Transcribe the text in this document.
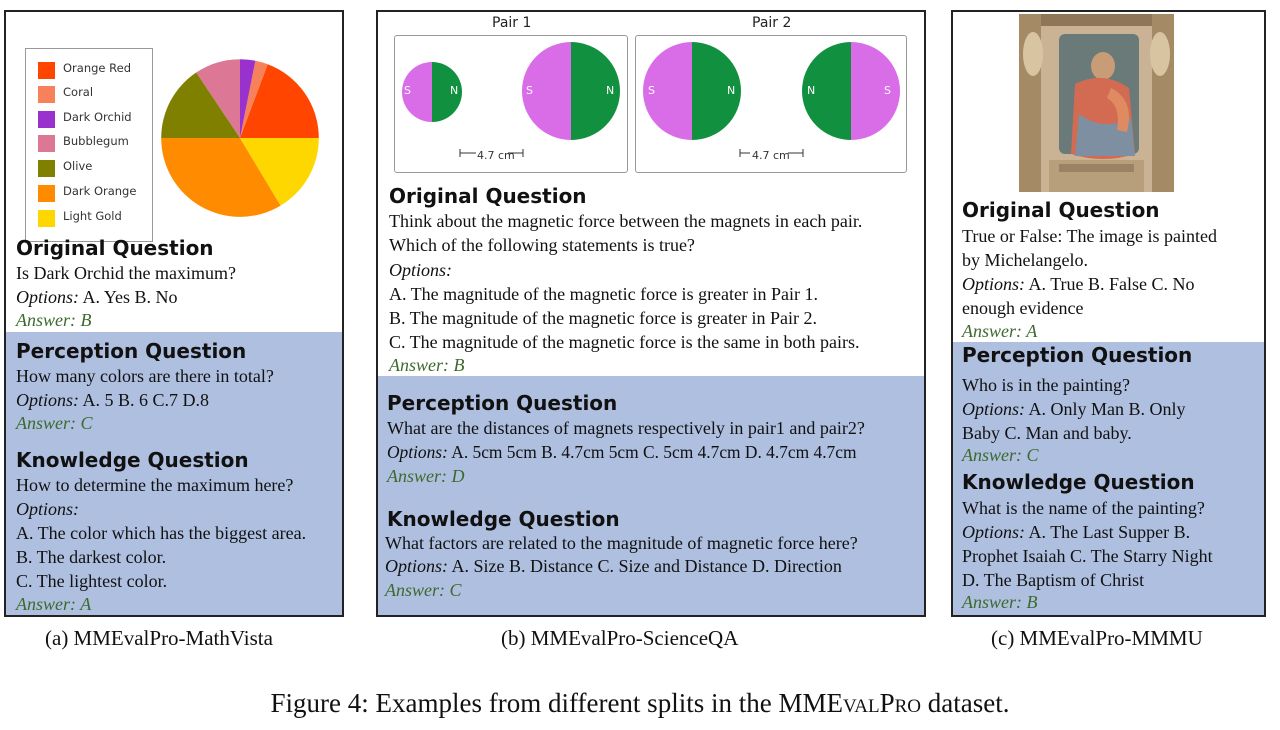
Orange Red
Coral
Dark Orchid
Bubblegum
Olive
Dark Orange
Light Gold
Original Question
Is Dark Orchid the maximum?
Options: A. Yes B. No
Answer: B
Perception Question
How many colors are there in total?
Options: A. 5 B. 6 C.7 D.8
Answer: C
Knowledge Question
How to determine the maximum here?
Options:
A. The color which has the biggest area.
B. The darkest color.
C. The lightest color.
Answer: A
(a) MMEvalPro-MathVista
Pair 1	Pair 2
S	N	S	N	S	N	N	S
4.7 cm	4.7 cm
Original Question
Think about the magnetic force between the magnets in each pair.
Which of the following statements is true?
Options:
A. The magnitude of the magnetic force is greater in Pair 1.
B. The magnitude of the magnetic force is greater in Pair 2.
C. The magnitude of the magnetic force is the same in both pairs.
Answer: B
Perception Question
What are the distances of magnets respectively in pair1 and pair2?
Options: A. 5cm 5cm B. 4.7cm 5cm C. 5cm 4.7cm D. 4.7cm 4.7cm
Answer: D
Knowledge Question
What factors are related to the magnitude of magnetic force here?
Options: A. Size B. Distance C. Size and Distance D. Direction
Answer: C
(b) MMEvalPro-ScienceQA
Original Question
True or False: The image is painted
by Michelangelo.
Options: A. True B. False C. No
enough evidence
Answer: A
Perception Question
Who is in the painting?
Options: A. Only Man B. Only
Baby C. Man and baby.
Answer: C
Knowledge Question
What is the name of the painting?
Options: A. The Last Supper B.
Prophet Isaiah C. The Starry Night
D. The Baptism of Christ
Answer: B
(c) MMEvalPro-MMMU
Figure 4: Examples from different splits in the MMEvalPro dataset.
